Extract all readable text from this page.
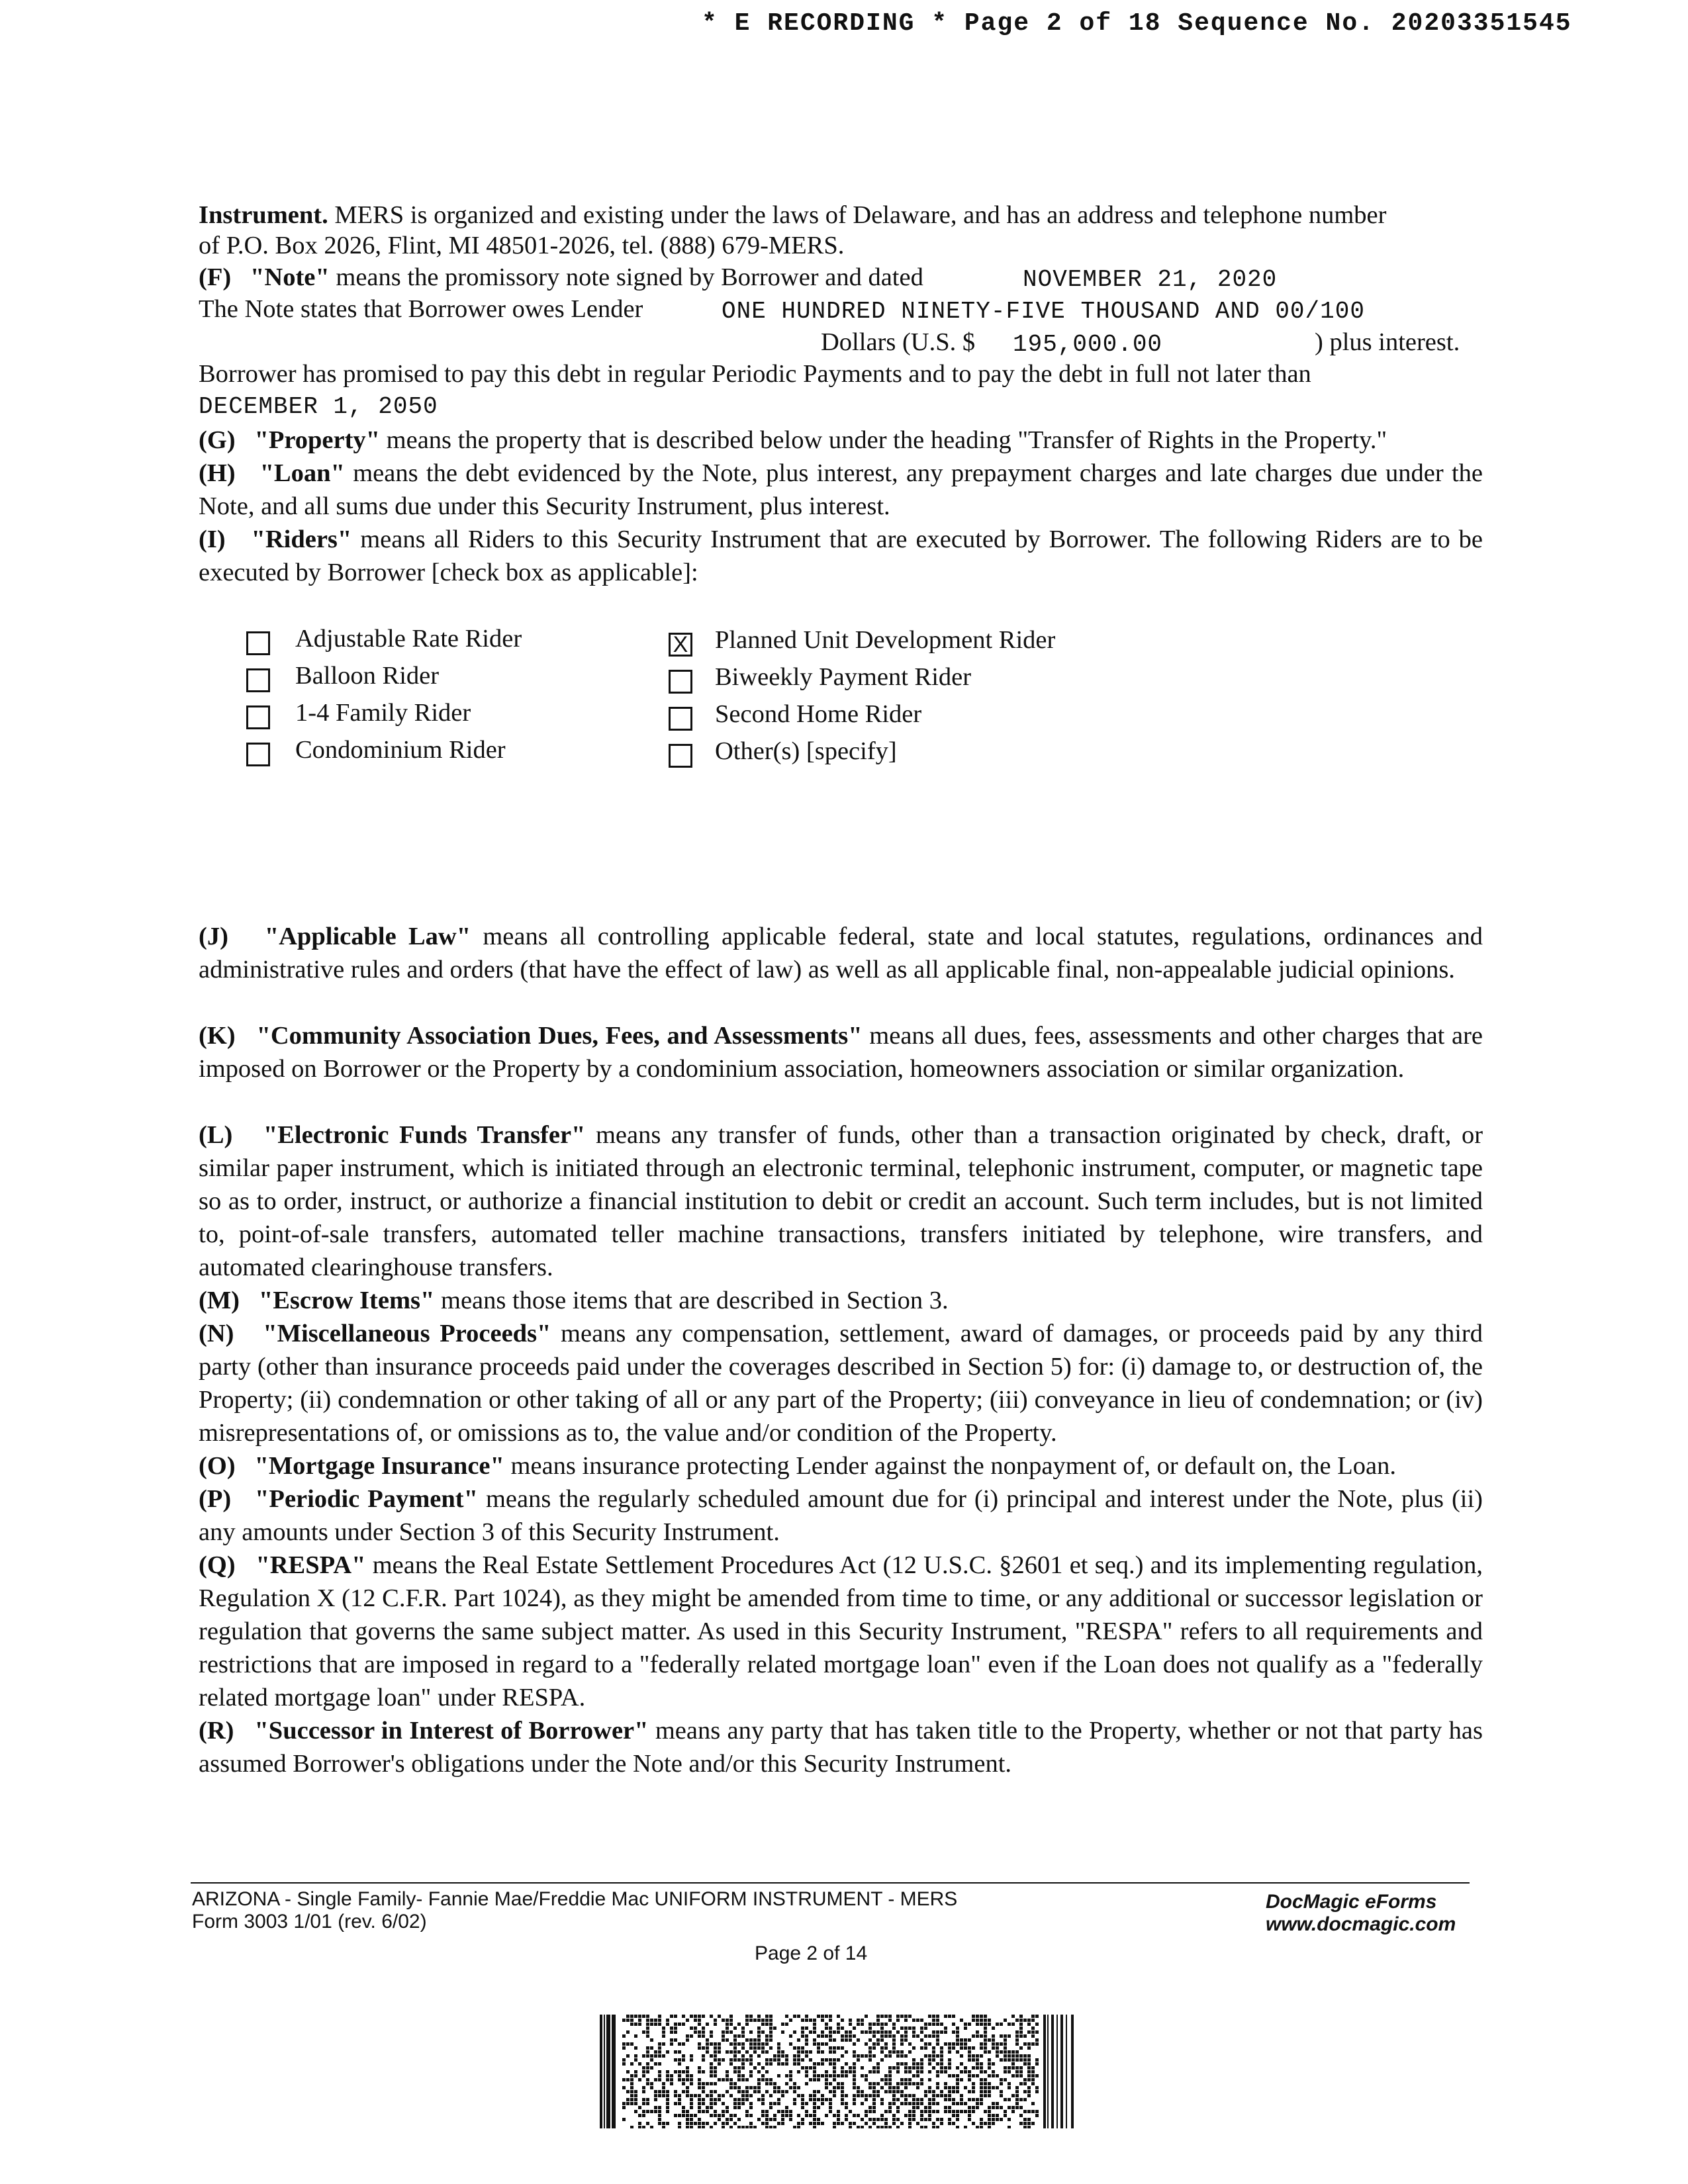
* E RECORDING * Page 2 of 18 Sequence No. 20203351545
Instrument. MERS is organized and existing under the laws of Delaware, and has an address and telephone number
of P.O. Box 2026, Flint, MI 48501-2026, tel. (888) 679-MERS.
(F) "Note" means the promissory note signed by Borrower and dated	NOVEMBER 21, 2020
The Note states that Borrower owes Lender	ONE HUNDRED NINETY-FIVE THOUSAND AND 00/100
Dollars (U.S. $ 195,000.00	) plus interest.
Borrower has promised to pay this debt in regular Periodic Payments and to pay the debt in full not later than
DECEMBER 1, 2050
(G) "Property" means the property that is described below under the heading "Transfer of Rights in the Property."
(H) "Loan" means the debt evidenced by the Note, plus interest, any prepayment charges and late charges due under the Note, and all sums due under this Security Instrument, plus interest.
(I) "Riders" means all Riders to this Security Instrument that are executed by Borrower. The following Riders are to be executed by Borrower [check box as applicable]:
Adjustable Rate Rider
Balloon Rider
1-4 Family Rider
Condominium Rider
X Planned Unit Development Rider
Biweekly Payment Rider
Second Home Rider
Other(s) [specify]
(J) "Applicable Law" means all controlling applicable federal, state and local statutes, regulations, ordinances and administrative rules and orders (that have the effect of law) as well as all applicable final, non-appealable judicial opinions.
(K) "Community Association Dues, Fees, and Assessments" means all dues, fees, assessments and other charges that are imposed on Borrower or the Property by a condominium association, homeowners association or similar organization.
(L) "Electronic Funds Transfer" means any transfer of funds, other than a transaction originated by check, draft, or similar paper instrument, which is initiated through an electronic terminal, telephonic instrument, computer, or magnetic tape so as to order, instruct, or authorize a financial institution to debit or credit an account. Such term includes, but is not limited to, point-of-sale transfers, automated teller machine transactions, transfers initiated by telephone, wire transfers, and automated clearinghouse transfers.
(M) "Escrow Items" means those items that are described in Section 3.
(N) "Miscellaneous Proceeds" means any compensation, settlement, award of damages, or proceeds paid by any third party (other than insurance proceeds paid under the coverages described in Section 5) for: (i) damage to, or destruction of, the Property; (ii) condemnation or other taking of all or any part of the Property; (iii) conveyance in lieu of condemnation; or (iv) misrepresentations of, or omissions as to, the value and/or condition of the Property.
(O) "Mortgage Insurance" means insurance protecting Lender against the nonpayment of, or default on, the Loan.
(P) "Periodic Payment" means the regularly scheduled amount due for (i) principal and interest under the Note, plus (ii) any amounts under Section 3 of this Security Instrument.
(Q) "RESPA" means the Real Estate Settlement Procedures Act (12 U.S.C. §2601 et seq.) and its implementing regulation, Regulation X (12 C.F.R. Part 1024), as they might be amended from time to time, or any additional or successor legislation or regulation that governs the same subject matter. As used in this Security Instrument, "RESPA" refers to all requirements and restrictions that are imposed in regard to a "federally related mortgage loan" even if the Loan does not qualify as a "federally related mortgage loan" under RESPA.
(R) "Successor in Interest of Borrower" means any party that has taken title to the Property, whether or not that party has assumed Borrower's obligations under the Note and/or this Security Instrument.
ARIZONA - Single Family- Fannie Mae/Freddie Mac UNIFORM INSTRUMENT - MERS
Form 3003 1/01 (rev. 6/02)
Page 2 of 14
DocMagic eForms
www.docmagic.com
